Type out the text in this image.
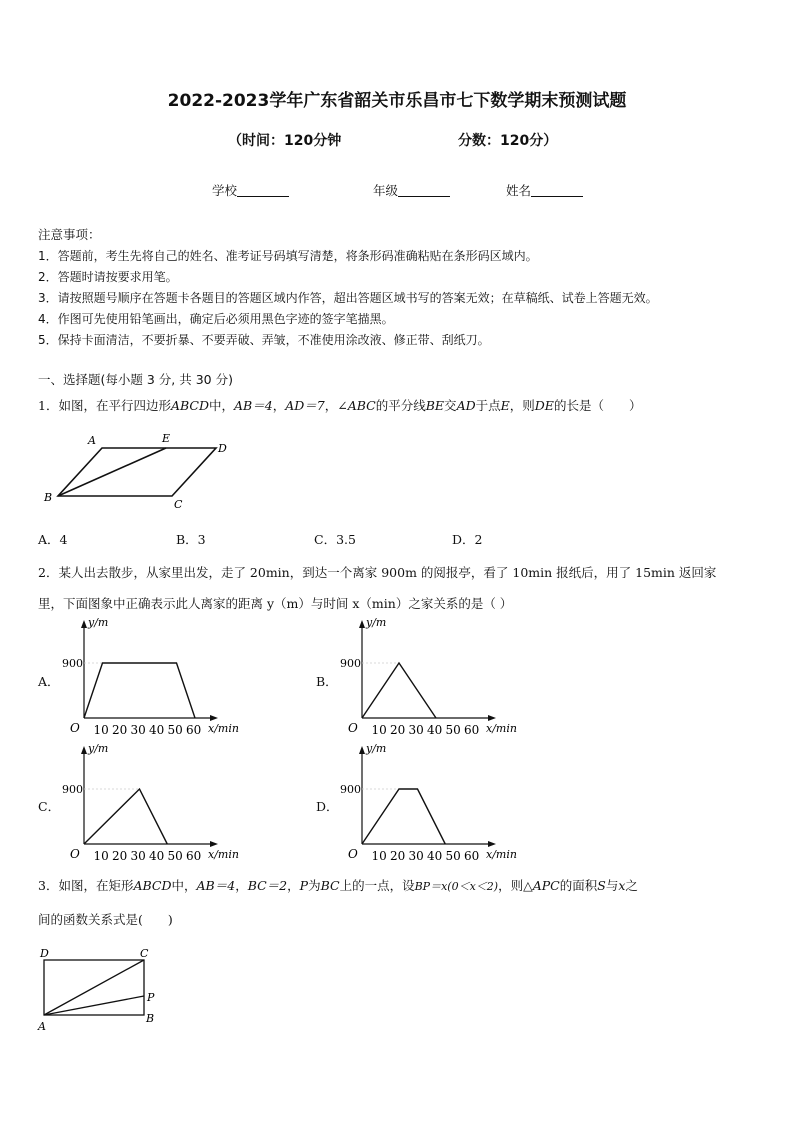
2022-2023学年广东省韶关市乐昌市七下数学期末预测试题
（时间：120分钟	分数：120分）
学校	年级	姓名
注意事项：
1．答题前，考生先将自己的姓名、准考证号码填写清楚，将条形码准确粘贴在条形码区域内。
2．答题时请按要求用笔。
3．请按照题号顺序在答题卡各题目的答题区域内作答，超出答题区域书写的答案无效；在草稿纸、试卷上答题无效。
4．作图可先使用铅笔画出，确定后必须用黑色字迹的签字笔描黑。
5．保持卡面清洁，不要折暴、不要弄破、弄皱，不准使用涂改液、修正带、刮纸刀。
一、选择题(每小题 3 分, 共 30 分)
1．如图，在平行四边形ABCD中，AB＝4，AD＝7，∠ABC的平分线BE交AD于点E，则DE的长是（　　）
A	E
D
B
C
A．4	B．3	C．3.5	D．2
2．某人出去散步，从家里出发，走了 20min，到达一个离家 900m 的阅报亭，看了 10min 报纸后，用了 15min 返回家
里，下面图象中正确表示此人离家的距离 y（m）与时间 x（min）之家关系的是（ ）
A．	B．
C．	D．
y/m
x/min
900
O 10 20 30 40 50 60
y/m
x/min
900
O 10 20 30 40 50 60
y/m
x/min
900
O 10 20 30 40 50 60
y/m
x/min
900
O 10 20 30 40 50 60
3．如图，在矩形ABCD中，AB＝4，BC＝2，P为BC上的一点，设BP＝x(0＜x＜2)，则△APC的面积S与x之
间的函数关系式是(　　)
D	C
P
A
B
